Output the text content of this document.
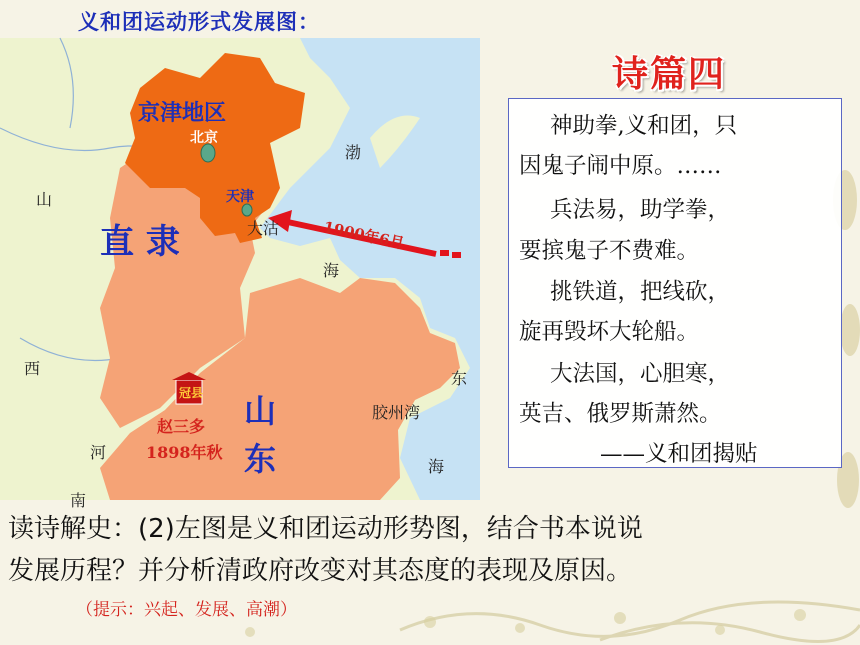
义和团运动形式发展图：
京津地区
北京
天津
大沽
直 隶
山
东
渤
海
胶州湾
海
东
山
西
河
冠县
赵三多
1898年秋
1900年6月
诗篇四
神助拳,义和团，只
因鬼子闹中原。……
兵法易，助学拳，
要摈鬼子不费难。
挑铁道，把线砍，
旋再毁坏大轮船。
大法国，心胆寒，
英吉、俄罗斯萧然。
——义和团揭贴
读诗解史：(2)左图是义和团运动形势图，结合书本说说
发展历程？并分析清政府改变对其态度的表现及原因。
（提示：兴起、发展、高潮）
